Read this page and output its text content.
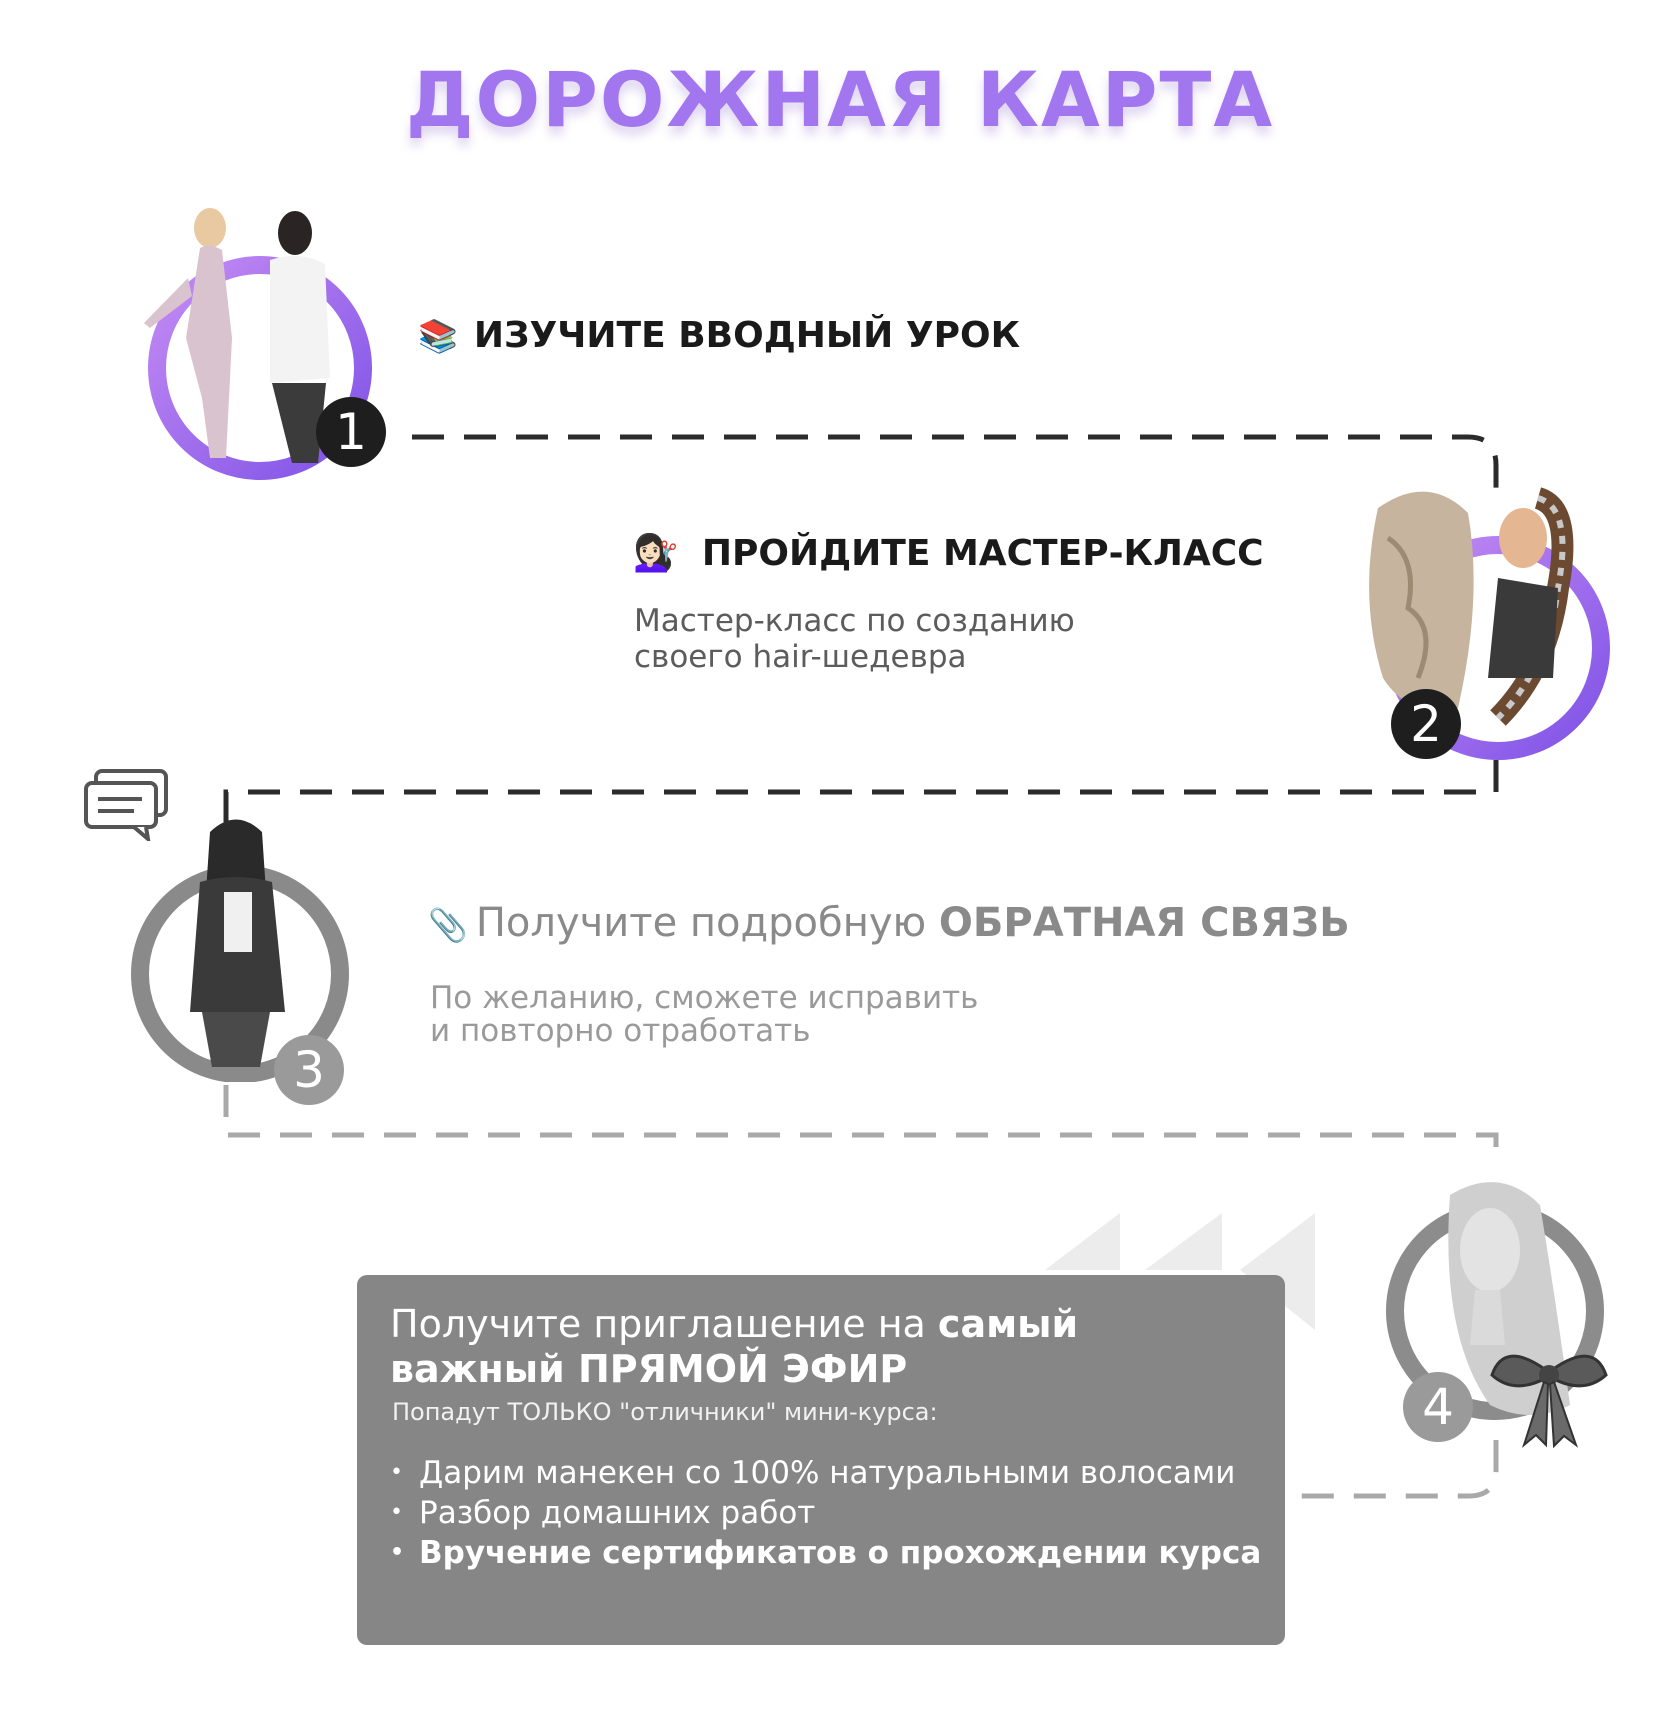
ДОРОЖНАЯ КАРТА
1
📚 ИЗУЧИТЕ ВВОДНЫЙ УРОК
2
💇🏻‍♀️ ПРОЙДИТЕ МАСТЕР-КЛАСС
Мастер-класс по созданию
своего hair-шедевра
3
📎 Получите подробную ОБРАТНАЯ СВЯЗЬ
По желанию, сможете исправить
и повторно отработать
4
Получите приглашение на самый
важный ПРЯМОЙ ЭФИР
Попадут ТОЛЬКО "отличники" мини-курса:
• Дарим манекен со 100% натуральными волосами
• Разбор домашних работ
• Вручение сертификатов о прохождении курса
